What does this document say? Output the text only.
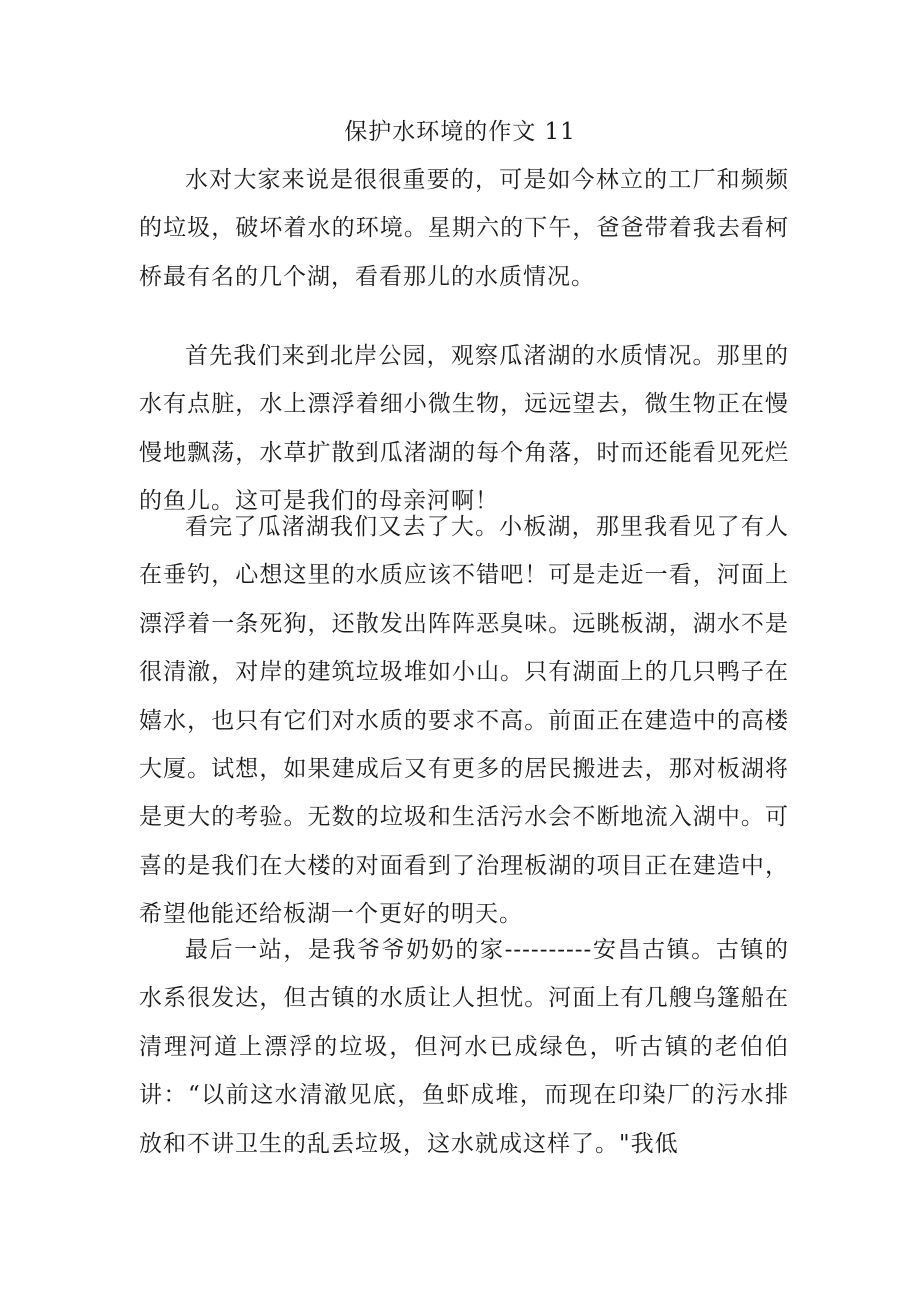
保护水环境的作文 11

水对大家来说是很很重要的，可是如今林立的工厂和频频的垃圾，破坏着水的环境。星期六的下午，爸爸带着我去看柯桥最有名的几个湖，看看那儿的水质情况。

首先我们来到北岸公园，观察瓜渚湖的水质情况。那里的水有点脏，水上漂浮着细小微生物，远远望去，微生物正在慢慢地飘荡，水草扩散到瓜渚湖的每个角落，时而还能看见死烂的鱼儿。这可是我们的母亲河啊！

看完了瓜渚湖我们又去了大。小板湖，那里我看见了有人在垂钓，心想这里的水质应该不错吧！可是走近一看，河面上漂浮着一条死狗，还散发出阵阵恶臭味。远眺板湖，湖水不是很清澈，对岸的建筑垃圾堆如小山。只有湖面上的几只鸭子在嬉水，也只有它们对水质的要求不高。前面正在建造中的高楼大厦。试想，如果建成后又有更多的居民搬进去，那对板湖将是更大的考验。无数的垃圾和生活污水会不断地流入湖中。可喜的是我们在大楼的对面看到了治理板湖的项目正在建造中，希望他能还给板湖一个更好的明天。

最后一站，是我爷爷奶奶的家----------安昌古镇。古镇的水系很发达，但古镇的水质让人担忧。河面上有几艘乌篷船在清理河道上漂浮的垃圾，但河水已成绿色，听古镇的老伯伯讲：“以前这水清澈见底，鱼虾成堆，而现在印染厂的污水排放和不讲卫生的乱丢垃圾，这水就成这样了。"我低
